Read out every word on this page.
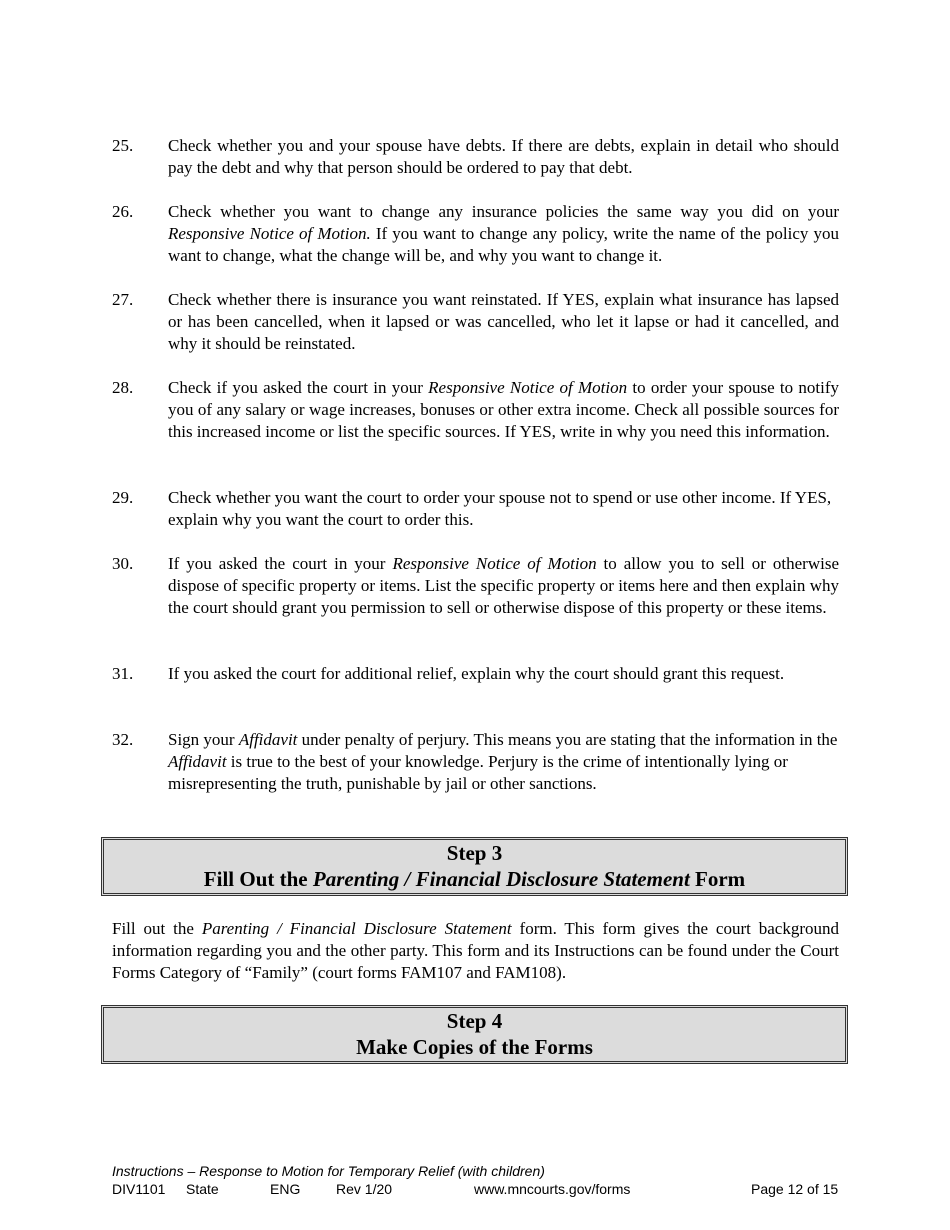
25. Check whether you and your spouse have debts. If there are debts, explain in detail who should pay the debt and why that person should be ordered to pay that debt.
26. Check whether you want to change any insurance policies the same way you did on your Responsive Notice of Motion. If you want to change any policy, write the name of the policy you want to change, what the change will be, and why you want to change it.
27. Check whether there is insurance you want reinstated. If YES, explain what insurance has lapsed or has been cancelled, when it lapsed or was cancelled, who let it lapse or had it cancelled, and why it should be reinstated.
28. Check if you asked the court in your Responsive Notice of Motion to order your spouse to notify you of any salary or wage increases, bonuses or other extra income. Check all possible sources for this increased income or list the specific sources. If YES, write in why you need this information.
29. Check whether you want the court to order your spouse not to spend or use other income. If YES, explain why you want the court to order this.
30. If you asked the court in your Responsive Notice of Motion to allow you to sell or otherwise dispose of specific property or items. List the specific property or items here and then explain why the court should grant you permission to sell or otherwise dispose of this property or these items.
31. If you asked the court for additional relief, explain why the court should grant this request.
32. Sign your Affidavit under penalty of perjury. This means you are stating that the information in the Affidavit is true to the best of your knowledge. Perjury is the crime of intentionally lying or misrepresenting the truth, punishable by jail or other sanctions.
Step 3
Fill Out the Parenting / Financial Disclosure Statement Form
Fill out the Parenting / Financial Disclosure Statement form. This form gives the court background information regarding you and the other party. This form and its Instructions can be found under the Court Forms Category of “Family” (court forms FAM107 and FAM108).
Step 4
Make Copies of the Forms
Instructions – Response to Motion for Temporary Relief (with children)
DIV1101 State	ENG	Rev 1/20	www.mncourts.gov/forms	Page 12 of 15
